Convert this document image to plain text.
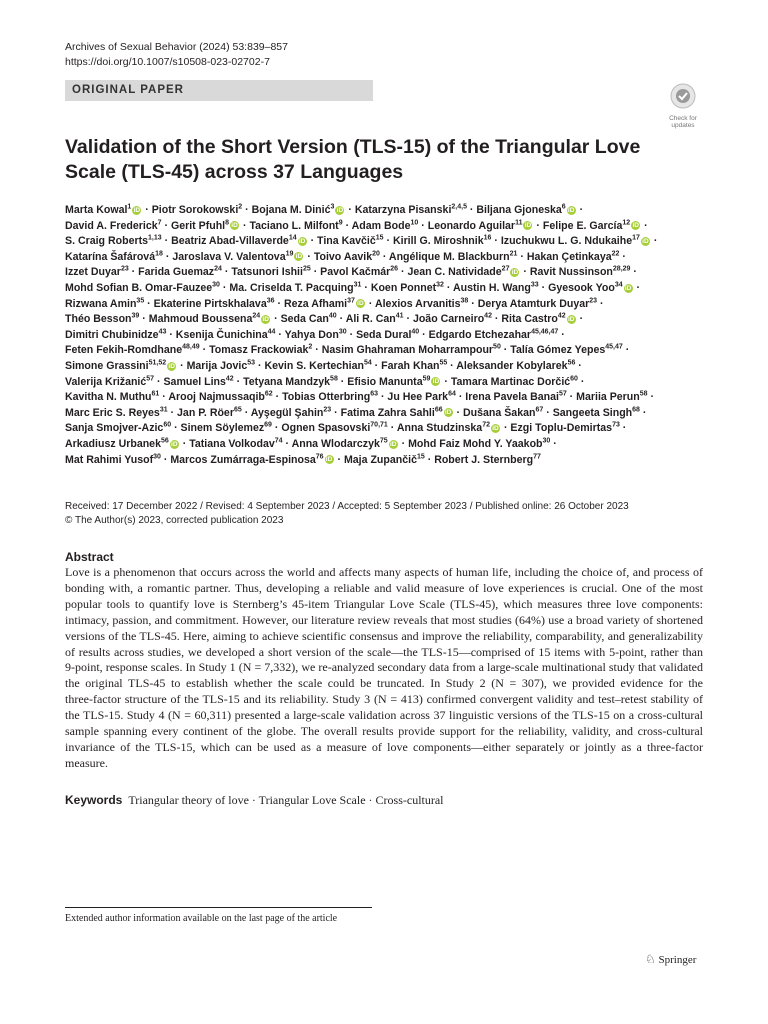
Archives of Sexual Behavior (2024) 53:839–857
https://doi.org/10.1007/s10508-023-02702-7
ORIGINAL PAPER
Check for
updates
Validation of the Short Version (TLS‑15) of the Triangular Love Scale (TLS‑45) across 37 Languages
Marta Kowal$^1$ iD · Piotr Sorokowski$^2$ · Bojana M. Dinić$^3$ iD · Katarzyna Pisanski$^{2,4,5}$ · Biljana Gjoneska$^6$ iD ·
David A. Frederick$^7$ · Gerit Pfuhl$^8$ iD · Taciano L. Milfont$^9$ · Adam Bode$^{10}$ · Leonardo Aguilar$^{11}$ iD · Felipe E. García$^{12}$ iD ·
S. Craig Roberts$^{1,13}$ · Beatriz Abad‑Villaverde$^{14}$ iD · Tina Kavčič$^{15}$ · Kirill G. Miroshnik$^{16}$ · Izuchukwu L. G. Ndukaihe$^{17}$ iD ·
Katarína Šafárová$^{18}$ · Jaroslava V. Valentova$^{19}$ iD · Toivo Aavik$^{20}$ · Angélique M. Blackburn$^{21}$ · Hakan Çetinkaya$^{22}$ ·
Izzet Duyar$^{23}$ · Farida Guemaz$^{24}$ · Tatsunori Ishii$^{25}$ · Pavol Kačmár$^{26}$ · Jean C. Natividade$^{27}$ iD · Ravit Nussinson$^{28,29}$ ·
Mohd Sofian B. Omar‑Fauzee$^{30}$ · Ma. Criselda T. Pacquing$^{31}$ · Koen Ponnet$^{32}$ · Austin H. Wang$^{33}$ · Gyesook Yoo$^{34}$ iD ·
Rizwana Amin$^{35}$ · Ekaterine Pirtskhalava$^{36}$ · Reza Afhami$^{37}$ iD · Alexios Arvanitis$^{38}$ · Derya Atamturk Duyar$^{23}$ ·
Théo Besson$^{39}$ · Mahmoud Boussena$^{24}$ iD · Seda Can$^{40}$ · Ali R. Can$^{41}$ · João Carneiro$^{42}$ · Rita Castro$^{42}$ iD ·
Dimitri Chubinidze$^{43}$ · Ksenija Čunichina$^{44}$ · Yahya Don$^{30}$ · Seda Dural$^{40}$ · Edgardo Etchezahar$^{45,46,47}$ ·
Feten Fekih‑Romdhane$^{48,49}$ · Tomasz Frackowiak$^2$ · Nasim Ghahraman Moharrampour$^{50}$ · Talía Gómez Yepes$^{45,47}$ ·
Simone Grassini$^{51,52}$ iD · Marija Jovic$^{53}$ · Kevin S. Kertechian$^{54}$ · Farah Khan$^{55}$ · Aleksander Kobylarek$^{56}$ ·
Valerija Križanić$^{57}$ · Samuel Lins$^{42}$ · Tetyana Mandzyk$^{58}$ · Efisio Manunta$^{59}$ iD · Tamara Martinac Dorčić$^{60}$ ·
Kavitha N. Muthu$^{61}$ · Arooj Najmussaqib$^{62}$ · Tobias Otterbring$^{63}$ · Ju Hee Park$^{64}$ · Irena Pavela Banai$^{57}$ · Mariia Perun$^{58}$ ·
Marc Eric S. Reyes$^{31}$ · Jan P. Röer$^{65}$ · Ayşegül Şahin$^{23}$ · Fatima Zahra Sahli$^{66}$ iD · Dušana Šakan$^{67}$ · Sangeeta Singh$^{68}$ ·
Sanja Smojver‑Azic$^{60}$ · Sinem Söylemez$^{69}$ · Ognen Spasovski$^{70,71}$ · Anna Studzinska$^{72}$ iD · Ezgi Toplu‑Demirtas$^{73}$ ·
Arkadiusz Urbanek$^{56}$ iD · Tatiana Volkodav$^{74}$ · Anna Wlodarczyk$^{75}$ iD · Mohd Faiz Mohd Y. Yaakob$^{30}$ ·
Mat Rahimi Yusof$^{30}$ · Marcos Zumárraga‑Espinosa$^{76}$ iD · Maja Zupančič$^{15}$ · Robert J. Sternberg$^{77}$
Received: 17 December 2022 / Revised: 4 September 2023 / Accepted: 5 September 2023 / Published online: 26 October 2023
© The Author(s) 2023, corrected publication 2023
Abstract

Love is a phenomenon that occurs across the world and affects many aspects of human life, including the choice of, and process of bonding with, a romantic partner. Thus, developing a reliable and valid measure of love experiences is crucial. One of the most popular tools to quantify love is Sternberg’s 45‑item Triangular Love Scale (TLS‑45), which measures three love components: intimacy, passion, and commitment. However, our literature review reveals that most studies (64%) use a broad variety of shortened versions of the TLS‑45. Here, aiming to achieve scientific consensus and improve the reliability, comparability, and generalizability of results across studies, we developed a short version of the scale—the TLS‑15—comprised of 15 items with 5‑point, rather than 9‑point, response scales. In Study 1 (N = 7,332), we re‑analyzed secondary data from a large‑scale multinational study that validated the original TLS‑45 to establish whether the scale could be truncated. In Study 2 (N = 307), we provided evidence for the three‑factor structure of the TLS‑15 and its reliability. Study 3 (N = 413) confirmed convergent validity and test–retest stability of the TLS‑15. Study 4 (N = 60,311) presented a large‑scale validation across 37 linguistic versions of the TLS‑15 on a cross‑cultural sample spanning every continent of the globe. The overall results provide support for the reliability, validity, and cross‑cultural invariance of the TLS‑15, which can be used as a measure of love components—either separately or jointly as a three‑factor measure.

Keywords Triangular theory of love · Triangular Love Scale · Cross-cultural
Extended author information available on the last page of the article
♘ Springer
